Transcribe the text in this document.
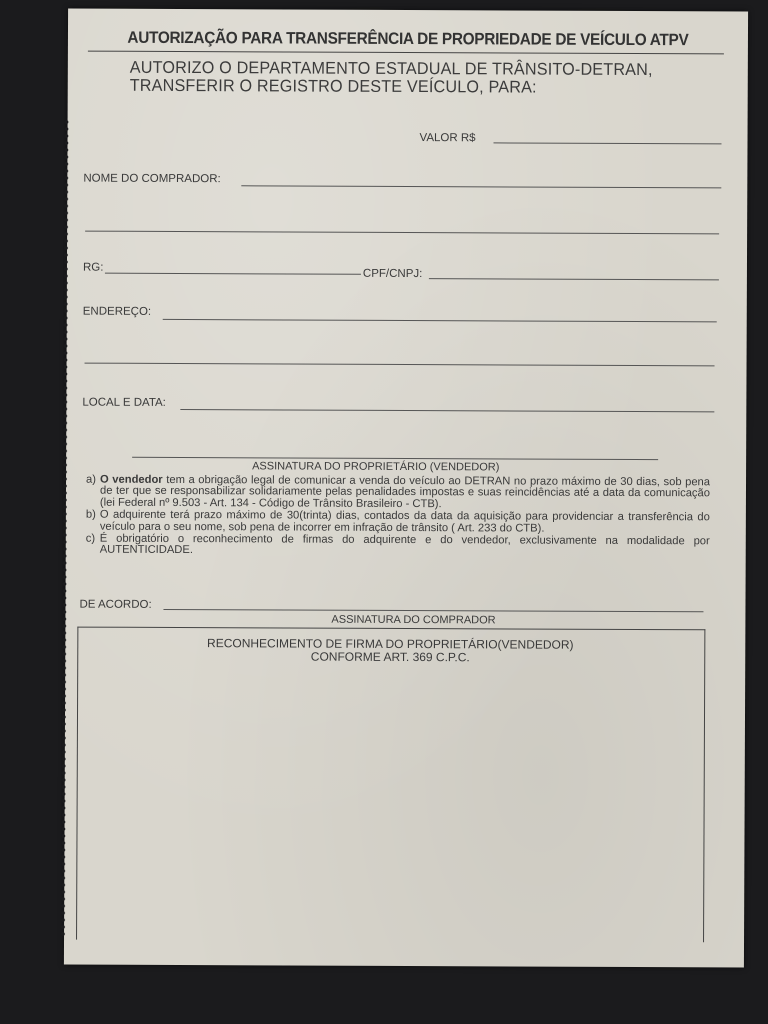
AUTORIZAÇÃO PARA TRANSFERÊNCIA DE PROPRIEDADE DE VEÍCULO ATPV
AUTORIZO O DEPARTAMENTO ESTADUAL DE TRÂNSITO-DETRAN,
TRANSFERIR O REGISTRO DESTE VEÍCULO, PARA:
VALOR R$
NOME DO COMPRADOR:
RG:
CPF/CNPJ:
ENDEREÇO:
LOCAL E DATA:
ASSINATURA DO PROPRIETÁRIO (VENDEDOR)
a) O vendedor tem a obrigação legal de comunicar a venda do veículo ao DETRAN no prazo máximo de 30 dias, sob pena de ter que se responsabilizar solidariamente pelas penalidades impostas e suas reincidências até a data da comunicação (lei Federal nº 9.503 - Art. 134 - Código de Trânsito Brasileiro - CTB).
b) O adquirente terá prazo máximo de 30(trinta) dias, contados da data da aquisição para providenciar a transferência do veículo para o seu nome, sob pena de incorrer em infração de trânsito ( Art. 233 do CTB).
c) É obrigatório o reconhecimento de firmas do adquirente e do vendedor, exclusivamente na modalidade por AUTENTICIDADE.
DE ACORDO:
ASSINATURA DO COMPRADOR
RECONHECIMENTO DE FIRMA DO PROPRIETÁRIO(VENDEDOR)
CONFORME ART. 369 C.P.C.
